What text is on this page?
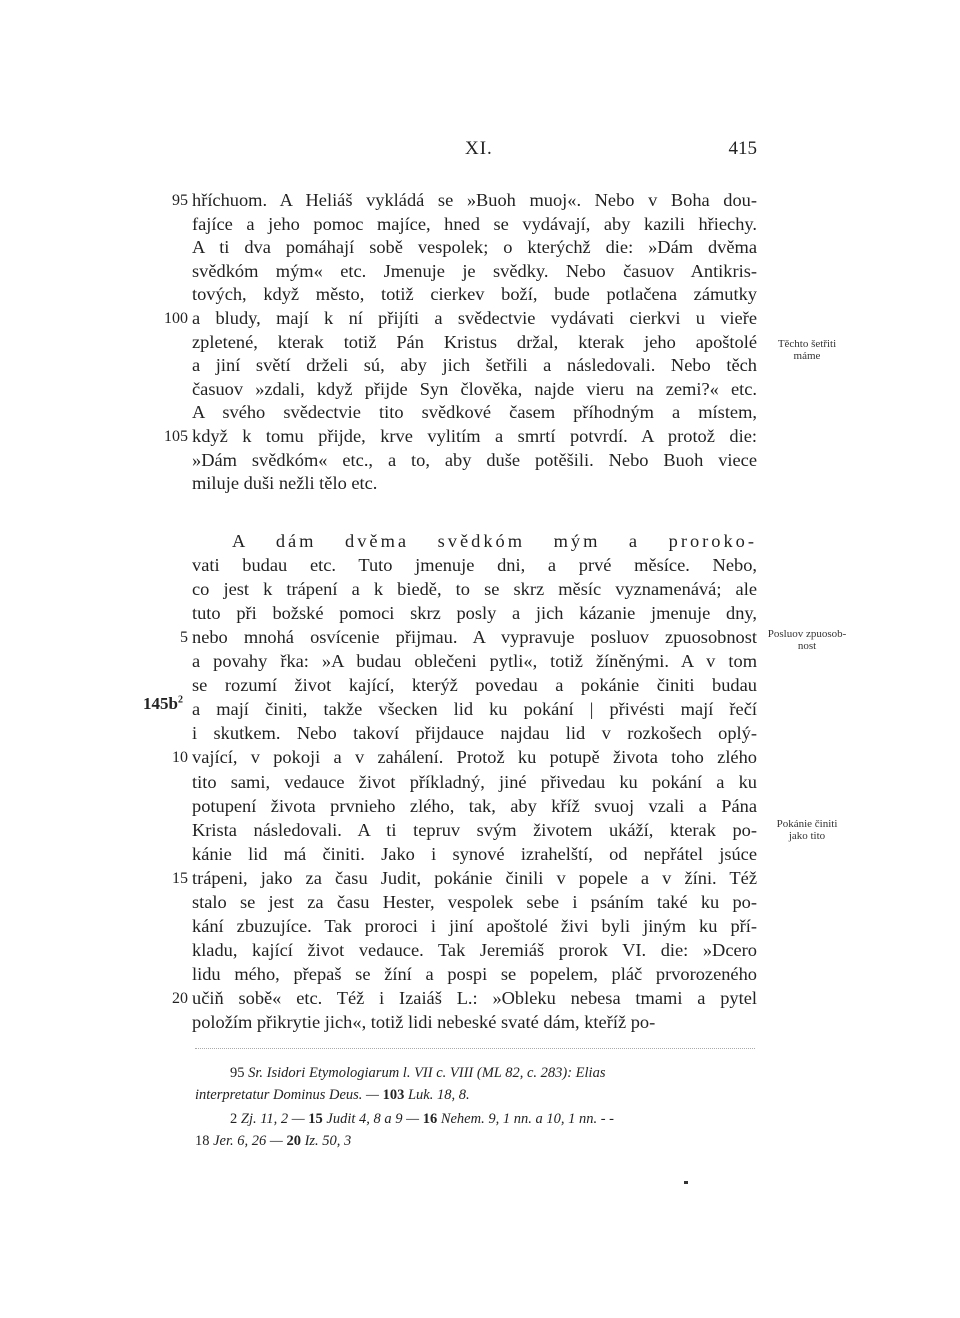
XI.	415
hříchuom. A Heliáš vykládá se »Buoh muoj«. Nebo v Boha dou-
95
fajíce a jeho pomoc majíce, hned se vydávají, aby kazili hřiechy.
A ti dva pomáhají sobě vespolek; o kterýchž die: »Dám dvěma
svědkóm mým« etc. Jmenuje je svědky. Nebo časuov Antikris-
tových, když město, totiž cierkev boží, bude potlačena zámutky
a bludy, mají k ní přijíti a svědectvie vydávati cierkvi u vieře
100
zpletené, kterak totiž Pán Kristus držal, kterak jeho apoštolé
a jiní světí drželi sú, aby jich šetřili a následovali. Nebo těch
časuov »zdali, když přijde Syn člověka, najde vieru na zemi?« etc.
A svého svědectvie tito svědkové časem příhodným a místem,
když k tomu přijde, krve vylitím a smrtí potvrdí. A protož die:
105
»Dám svědkóm« etc., a to, aby duše potěšili. Nebo Buoh viece
miluje duši nežli tělo etc.
A dám dvěma svědkóm mým a proroko-
vati budau etc. Tuto jmenuje dni, a prvé měsíce. Nebo,
co jest k trápení a k biedě, to se skrz měsíc vyznamenává; ale
tuto při božské pomoci skrz posly a jich kázanie jmenuje dny,
nebo mnohá osvícenie přijmau. A vypravuje posluov zpuosobnost
5
a povahy řka: »A budau oblečeni pytli«, totiž žíněnými. A v tom
se rozumí život kající, kterýž povedau a pokánie činiti budau
a mají činiti, takže všecken lid ku pokání | přivésti mají řečí
i skutkem. Nebo takoví přijdauce najdau lid v rozkošech oplý-
vající, v pokoji a v zahálení. Protož ku potupě života toho zlého
10
tito sami, vedauce život příkladný, jiné přivedau ku pokání a ku
potupení života prvnieho zlého, tak, aby kříž svuoj vzali a Pána
Krista následovali. A ti tepruv svým životem ukáží, kterak po-
kánie lid má činiti. Jako i synové izrahelští, od nepřátel jsúce
trápeni, jako za času Judit, pokánie činili v popele a v žíni. Též
15
stalo se jest za času Hester, vespolek sebe i psáním také ku po-
kání zbuzujíce. Tak proroci i jiní apoštolé živi byli jiným ku pří-
kladu, kající život vedauce. Tak Jeremiáš prorok VI. die: »Dcero
lidu mého, přepaš se žíní a pospi se popelem, pláč prvorozeného
učiň sobě« etc. Též i Izaiáš L.: »Obleku nebesa tmami a pytel
20
položím přikrytie jich«, totiž lidi nebeské svaté dám, kteříž po-
Těchto šetřiti máme
Posluov zpuosob-nost
Pokánie činiti jako tito
$145b^2$
95 Sr. Isidori Etymologiarum l. VII c. VIII (ML 82, c. 283): Elias
interpretatur Dominus Deus. — 103 Luk. 18, 8.
2 Zj. 11, 2 — 15 Judit 4, 8 a 9 — 16 Nehem. 9, 1 nn. a 10, 1 nn. - -
18 Jer. 6, 26 — 20 Iz. 50, 3
